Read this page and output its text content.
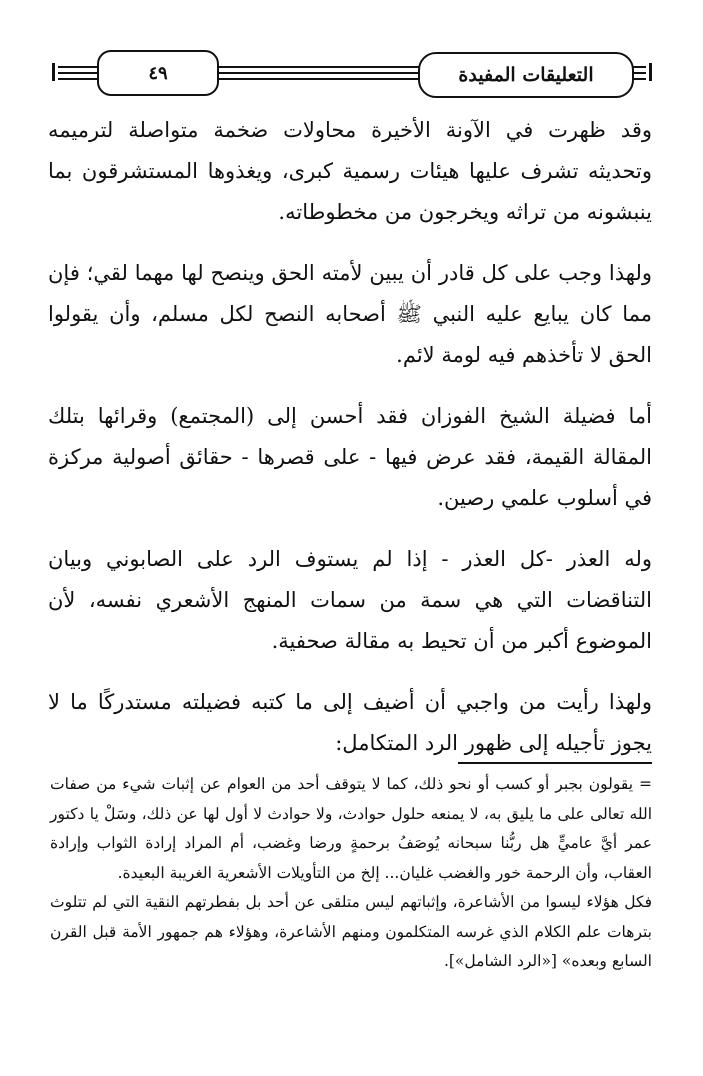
٤٩	التعليقات المفيدة

وقد ظهرت في الآونة الأخيرة محاولات ضخمة متواصلة لترميمه وتحديثه تشرف عليها هيئات رسمية كبرى، ويغذوها المستشرقون بما ينبشونه من تراثه ويخرجون من مخطوطاته.

ولهذا وجب على كل قادر أن يبين لأمته الحق وينصح لها مهما لقي؛ فإن مما كان يبايع عليه النبي ﷺ أصحابه النصح لكل مسلم، وأن يقولوا الحق لا تأخذهم فيه لومة لائم.

أما فضيلة الشيخ الفوزان فقد أحسن إلى (المجتمع) وقرائها بتلك المقالة القيمة، فقد عرض فيها - على قصرها - حقائق أصولية مركزة في أسلوب علمي رصين.

وله العذر -كل العذر - إذا لم يستوف الرد على الصابوني وبيان التناقضات التي هي سمة من سمات المنهج الأشعري نفسه، لأن الموضوع أكبر من أن تحيط به مقالة صحفية.

ولهذا رأيت من واجبي أن أضيف إلى ما كتبه فضيلته مستدركًا ما لا يجوز تأجيله إلى ظهور الرد المتكامل:

= يقولون بجبر أو كسب أو نحو ذلك، كما لا يتوقف أحد من العوام عن إثبات شيء من صفات الله تعالى على ما يليق به، لا يمنعه حلول حوادث، ولا حوادث لا أول لها عن ذلك، وسَلْ يا دكتور عمر أيَّ عاميٍّ هل ربُّنا سبحانه يُوصَفُ برحمةٍ ورضا وغضب، أم المراد إرادة الثواب وإرادة العقاب، وأن الرحمة خور والغضب غليان... إلخ من التأويلات الأشعرية الغريبة البعيدة.

فكل هؤلاء ليسوا من الأشاعرة، وإثباتهم ليس متلقى عن أحد بل بفطرتهم النقية التي لم تتلوث بترهات علم الكلام الذي غرسه المتكلمون ومنهم الأشاعرة، وهؤلاء هم جمهور الأمة قبل القرن السابع وبعده» [«الرد الشامل»].
